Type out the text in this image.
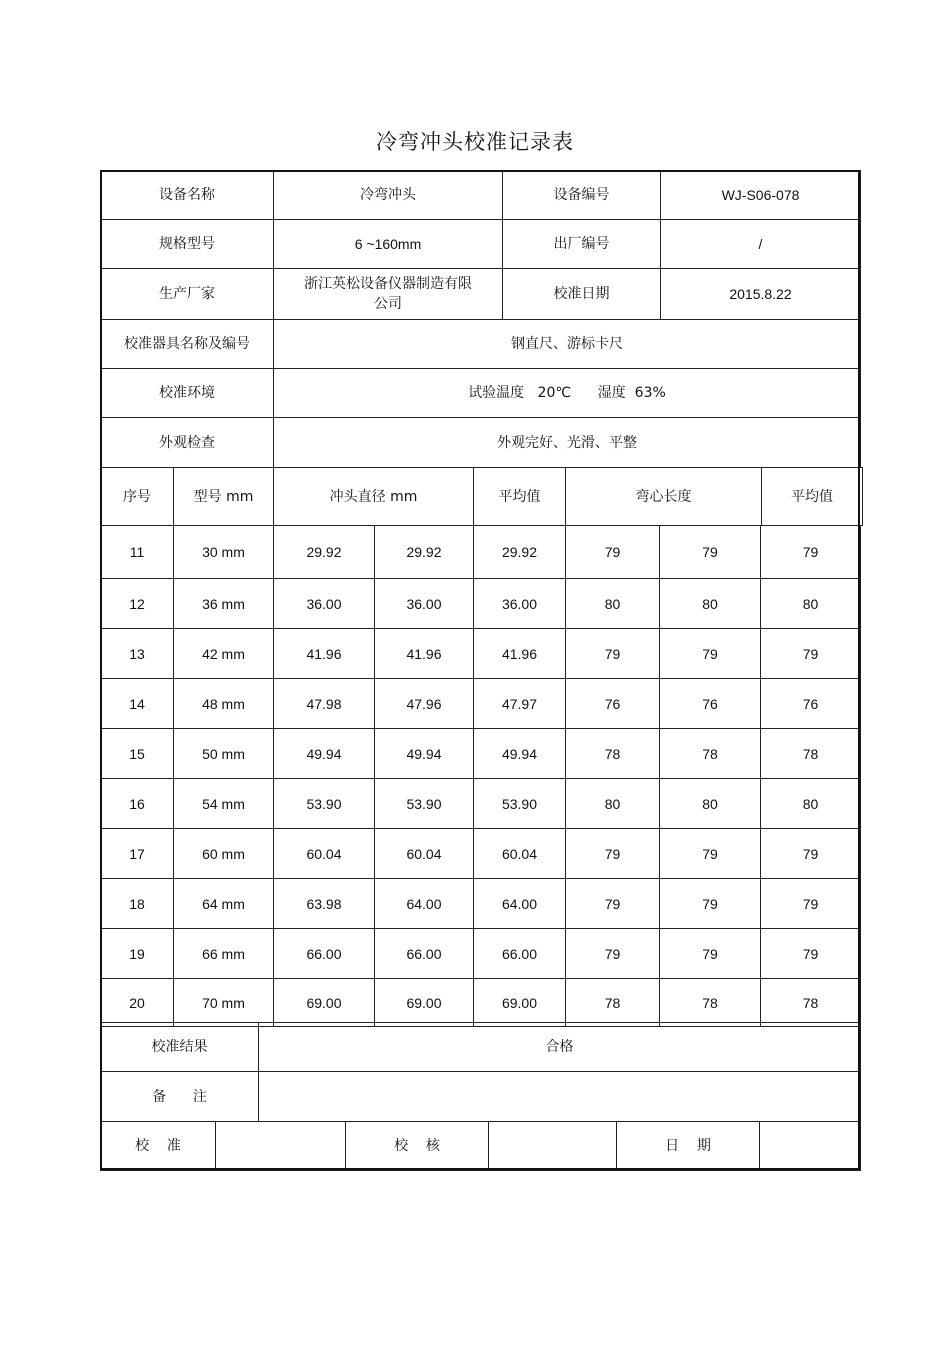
冷弯冲头校准记录表
设备名称	冷弯冲头	设备编号	WJ-S06-078
规格型号	6 ~160mm	出厂编号	/
生产厂家	浙江英松设备仪器制造有限
公司	校准日期	2015.8.22
校准器具名称及编号	钢直尺、游标卡尺
校准环境	试验温度   20℃      湿度  63%
外观检查	外观完好、光滑、平整
序号	型号 mm	冲头直径 mm	平均值	弯心长度	平均值
11	30 mm	29.92	29.92	29.92	79	79	79
12	36 mm	36.00	36.00	36.00	80	80	80
13	42 mm	41.96	41.96	41.96	79	79	79
14	48 mm	47.98	47.96	47.97	76	76	76
15	50 mm	49.94	49.94	49.94	78	78	78
16	54 mm	53.90	53.90	53.90	80	80	80
17	60 mm	60.04	60.04	60.04	79	79	79
18	64 mm	63.98	64.00	64.00	79	79	79
19	66 mm	66.00	66.00	66.00	79	79	79
20	70 mm	69.00	69.00	69.00	78	78	78
校准结果	合格
备      注	
校    准		校    核		日    期	
